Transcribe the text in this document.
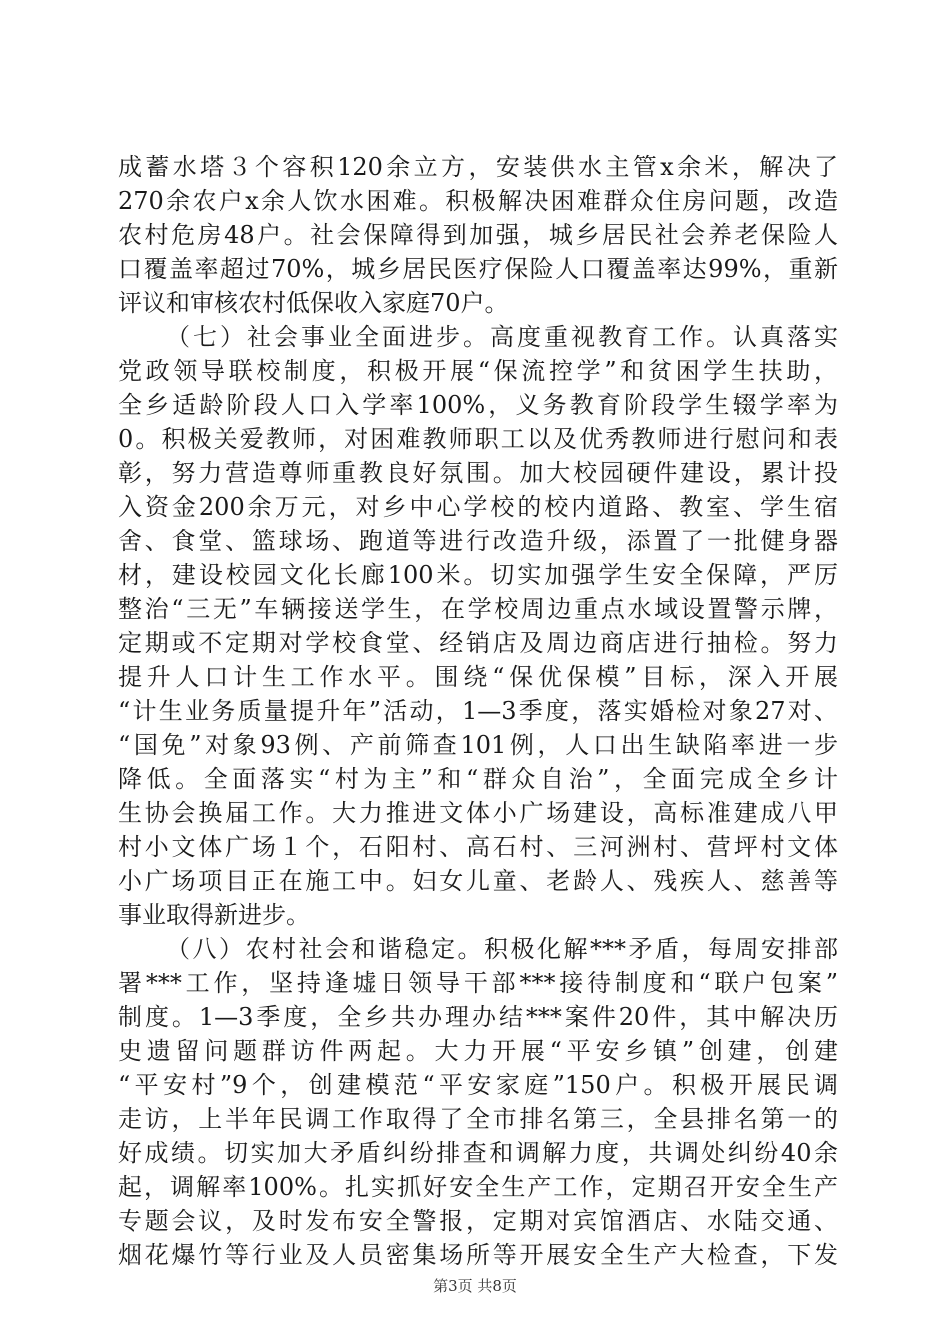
成蓄水塔３个容积120余立方，安装供水主管x余米，解决了
270余农户x余人饮水困难。积极解决困难群众住房问题，改造
农村危房48户。社会保障得到加强，城乡居民社会养老保险人
口覆盖率超过70%，城乡居民医疗保险人口覆盖率达99%，重新
评议和审核农村低保收入家庭70户。
（七）社会事业全面进步。高度重视教育工作。认真落实
党政领导联校制度，积极开展“保流控学”和贫困学生扶助，
全乡适龄阶段人口入学率100%，义务教育阶段学生辍学率为
0。积极关爱教师，对困难教师职工以及优秀教师进行慰问和表
彰，努力营造尊师重教良好氛围。加大校园硬件建设，累计投
入资金200余万元，对乡中心学校的校内道路、教室、学生宿
舍、食堂、篮球场、跑道等进行改造升级，添置了一批健身器
材，建设校园文化长廊100米。切实加强学生安全保障，严厉
整治“三无”车辆接送学生，在学校周边重点水域设置警示牌，
定期或不定期对学校食堂、经销店及周边商店进行抽检。努力
提升人口计生工作水平。围绕“保优保模”目标，深入开展
“计生业务质量提升年”活动，1—3季度，落实婚检对象27对、
“国免”对象93例、产前筛查101例，人口出生缺陷率进一步
降低。全面落实“村为主”和“群众自治”，全面完成全乡计
生协会换届工作。大力推进文体小广场建设，高标准建成八甲
村小文体广场１个，石阳村、高石村、三河洲村、营坪村文体
小广场项目正在施工中。妇女儿童、老龄人、残疾人、慈善等
事业取得新进步。
（八）农村社会和谐稳定。积极化解***矛盾，每周安排部
署***工作，坚持逢墟日领导干部***接待制度和“联户包案”
制度。1—3季度，全乡共办理办结***案件20件，其中解决历
史遗留问题群访件两起。大力开展“平安乡镇”创建，创建
“平安村”9个，创建模范“平安家庭”150户。积极开展民调
走访，上半年民调工作取得了全市排名第三，全县排名第一的
好成绩。切实加大矛盾纠纷排查和调解力度，共调处纠纷40余
起，调解率100%。扎实抓好安全生产工作，定期召开安全生产
专题会议，及时发布安全警报，定期对宾馆酒店、水陆交通、
烟花爆竹等行业及人员密集场所等开展安全生产大检查，下发
第3页 共8页
